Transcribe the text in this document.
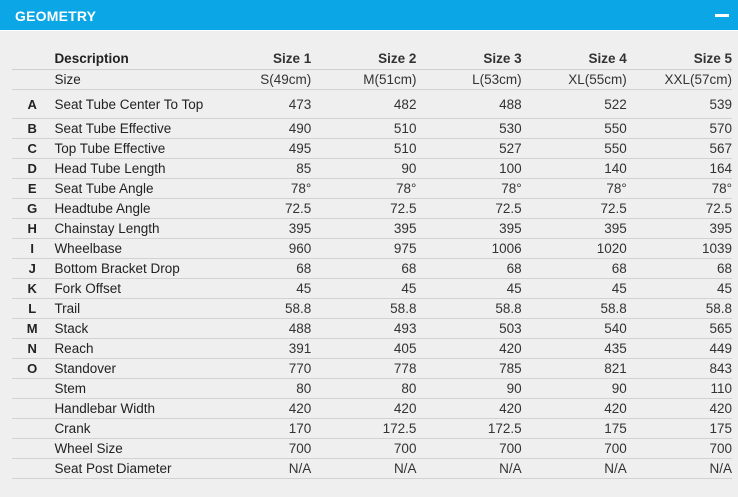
GEOMETRY
	Description	Size 1	Size 2	Size 3	Size 4	Size 5
	Size	S(49cm)	M(51cm)	L(53cm)	XL(55cm)	XXL(57cm)
A	Seat Tube Center To Top	473	482	488	522	539
B	Seat Tube Effective	490	510	530	550	570
C	Top Tube Effective	495	510	527	550	567
D	Head Tube Length	85	90	100	140	164
E	Seat Tube Angle	78°	78°	78°	78°	78°
G	Headtube Angle	72.5	72.5	72.5	72.5	72.5
H	Chainstay Length	395	395	395	395	395
I	Wheelbase	960	975	1006	1020	1039
J	Bottom Bracket Drop	68	68	68	68	68
K	Fork Offset	45	45	45	45	45
L	Trail	58.8	58.8	58.8	58.8	58.8
M	Stack	488	493	503	540	565
N	Reach	391	405	420	435	449
O	Standover	770	778	785	821	843
	Stem	80	80	90	90	110
	Handlebar Width	420	420	420	420	420
	Crank	170	172.5	172.5	175	175
	Wheel Size	700	700	700	700	700
	Seat Post Diameter	N/A	N/A	N/A	N/A	N/A
